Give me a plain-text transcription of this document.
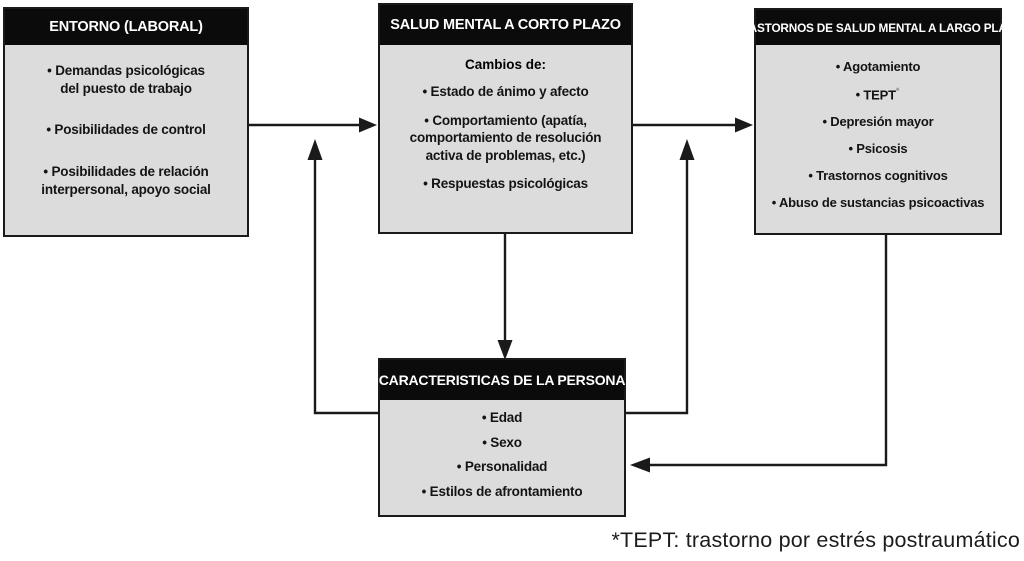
ENTORNO (LABORAL)
• Demandas psicológicas
del puesto de trabajo
• Posibilidades de control
• Posibilidades de relación
interpersonal, apoyo social
SALUD MENTAL A CORTO PLAZO
Cambios de:
• Estado de ánimo y afecto
• Comportamiento (apatía,
comportamiento de resolución
activa de problemas, etc.)
• Respuestas psicológicas
TRASTORNOS DE SALUD MENTAL A LARGO PLAZO
• Agotamiento
• TEPT*
• Depresión mayor
• Psicosis
• Trastornos cognitivos
• Abuso de sustancias psicoactivas
CARACTERISTICAS DE LA PERSONA
• Edad
• Sexo
• Personalidad
• Estilos de afrontamiento

*TEPT: trastorno por estrés postraumático
